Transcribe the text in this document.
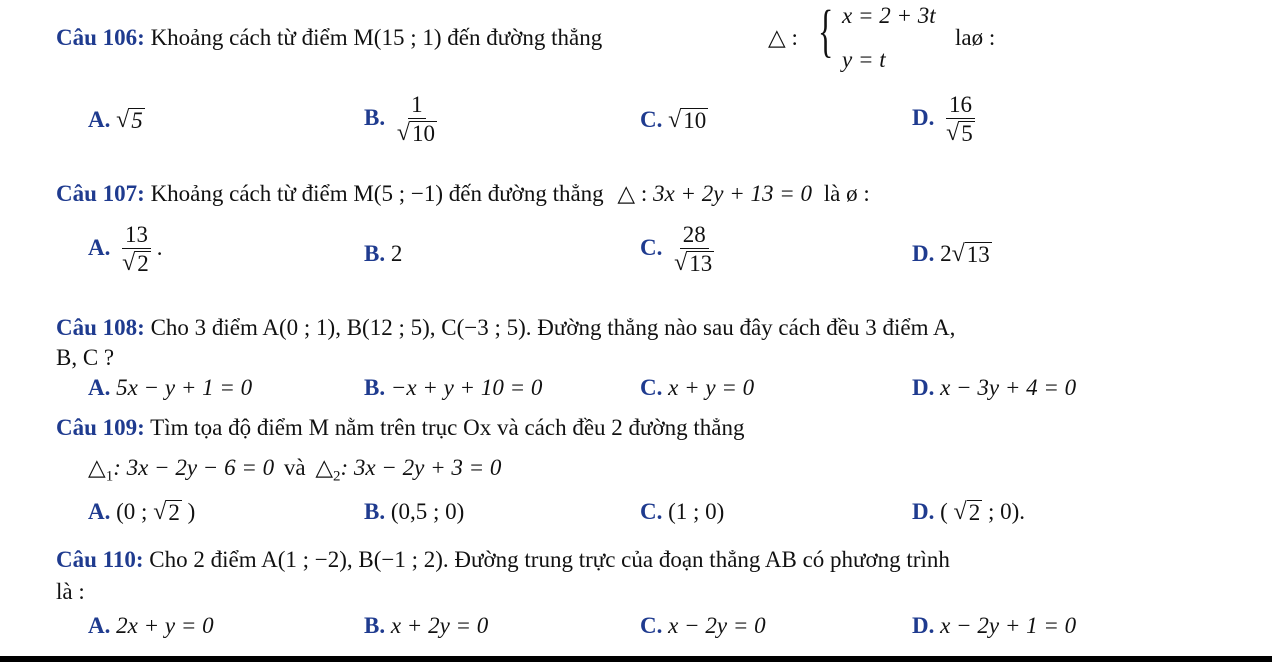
Câu 106: Khoảng cách từ điểm M(15 ; 1) đến đường thẳng	△ : { x = 2 + 3t
y = t
laø :
A. √ 5	B. $\frac{1}{√ 10}$	C. √ 10	D. $\frac{16}{√ 5}$
Câu 107: Khoảng cách từ điểm M(5 ; −1) đến đường thẳng △ : 3x + 2y + 13 = 0 là ø :
A. $\frac{13}{√ 2}$ .	B. 2	C. $\frac{28}{√ 13}$	D. 2 √ 13
Câu 108: Cho 3 điểm A(0 ; 1), B(12 ; 5), C(−3 ; 5). Đường thẳng nào sau đây cách đều 3 điểm A,
B, C ?
A. 5x − y + 1 = 0	B. −x + y + 10 = 0	C. x + y = 0	D. x − 3y + 4 = 0
Câu 109: Tìm tọa độ điểm M nằm trên trục Ox và cách đều 2 đường thẳng
$\triangle_1$: 3x − 2y − 6 = 0 và $\triangle_2$: 3x − 2y + 3 = 0
A. (0 ; √ 2 )	B. (0,5 ; 0)	C. (1 ; 0)	D. ( √ 2 ; 0).
Câu 110: Cho 2 điểm A(1 ; −2), B(−1 ; 2). Đường trung trực của đoạn thẳng AB có phương trình
là :
A. 2x + y = 0	B. x + 2y = 0	C. x − 2y = 0	D. x − 2y + 1 = 0
